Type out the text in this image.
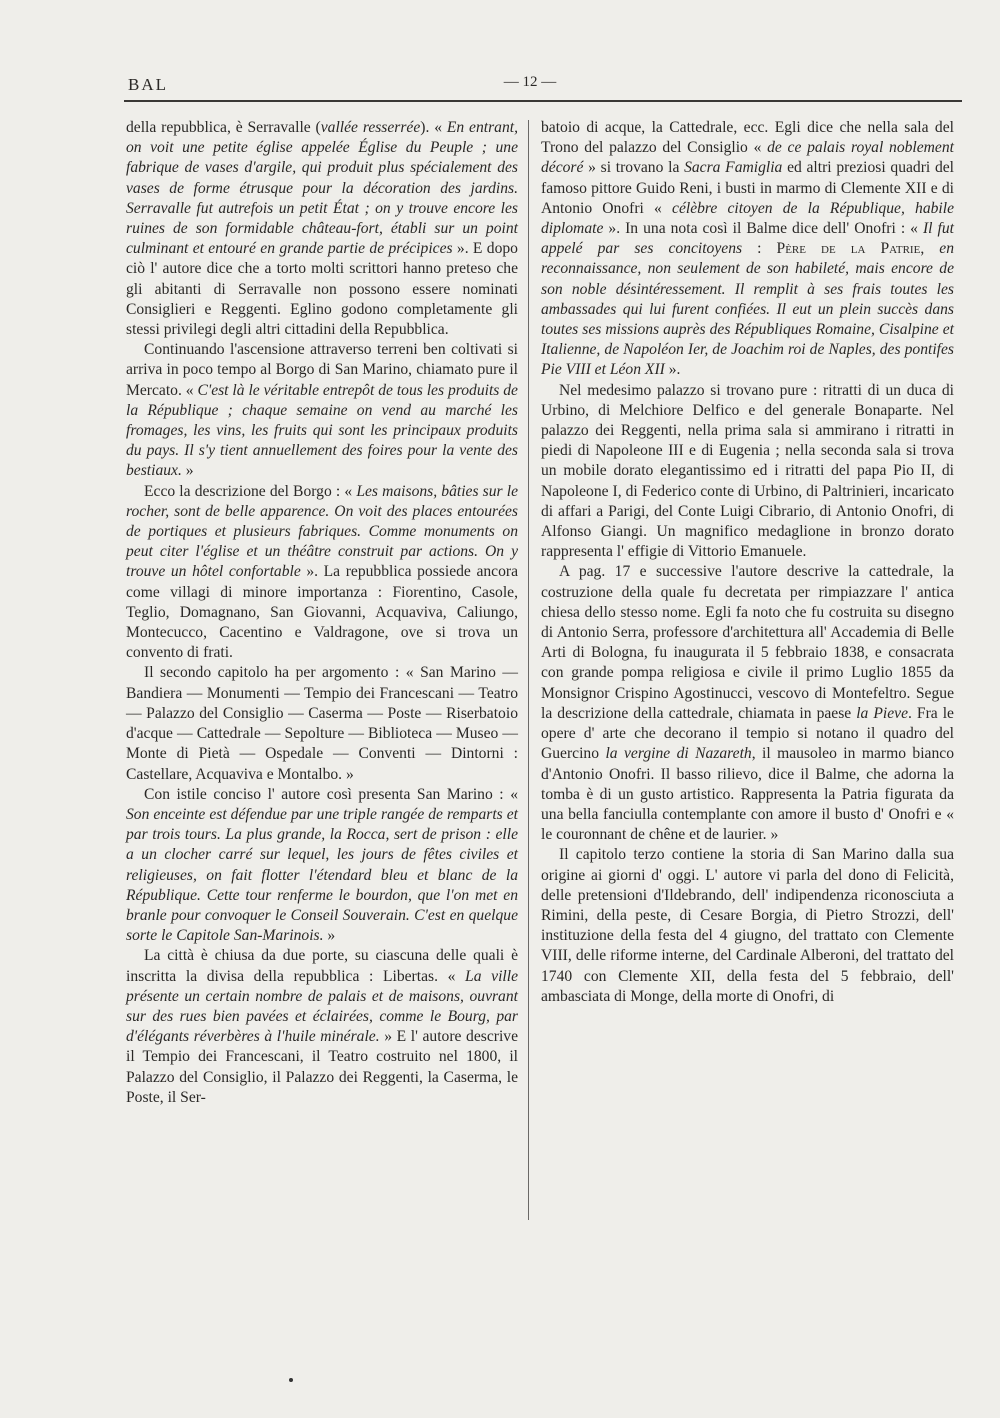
BAL	— 12 —

della repubblica, è Serravalle (vallée resserrée). « En entrant, on voit une petite église appelée Église du Peuple ; une fabrique de vases d'argile, qui produit plus spécialement des vases de forme étrusque pour la décoration des jardins. Serravalle fut autrefois un petit État ; on y trouve encore les ruines de son formidable château-fort, établi sur un point culminant et entouré en grande partie de précipices ». E dopo ciò l' autore dice che a torto molti scrittori hanno preteso che gli abitanti di Serravalle non possono essere nominati Consiglieri e Reggenti. Eglino godono completamente gli stessi privilegi degli altri cittadini della Repubblica.

Continuando l'ascensione attraverso terreni ben coltivati si arriva in poco tempo al Borgo di San Marino, chiamato pure il Mercato. « C'est là le véritable entrepôt de tous les produits de la République ; chaque semaine on vend au marché les fromages, les vins, les fruits qui sont les principaux produits du pays. Il s'y tient annuellement des foires pour la vente des bestiaux. »

Ecco la descrizione del Borgo : « Les maisons, bâties sur le rocher, sont de belle apparence. On voit des places entourées de portiques et plusieurs fabriques. Comme monuments on peut citer l'église et un théâtre construit par actions. On y trouve un hôtel confortable ». La repubblica possiede ancora come villagi di minore importanza : Fiorentino, Casole, Teglio, Domagnano, San Giovanni, Acquaviva, Caliungo, Montecucco, Cacentino e Valdragone, ove si trova un convento di frati.

Il secondo capitolo ha per argomento : « San Marino — Bandiera — Monumenti — Tempio dei Francescani — Teatro — Palazzo del Consiglio — Caserma — Poste — Riserbatoio d'acque — Cattedrale — Sepolture — Biblioteca — Museo — Monte di Pietà — Ospedale — Conventi — Dintorni : Castellare, Acquaviva e Montalbo. »

Con istile conciso l' autore così presenta San Marino : « Son enceinte est défendue par une triple rangée de remparts et par trois tours. La plus grande, la Rocca, sert de prison : elle a un clocher carré sur lequel, les jours de fêtes civiles et religieuses, on fait flotter l'étendard bleu et blanc de la République. Cette tour renferme le bourdon, que l'on met en branle pour convoquer le Conseil Souverain. C'est en quelque sorte le Capitole San-Marinois. »

La città è chiusa da due porte, su ciascuna delle quali è inscritta la divisa della repubblica : Libertas. « La ville présente un certain nombre de palais et de maisons, ouvrant sur des rues bien pavées et éclairées, comme le Bourg, par d'élégants réverbères à l'huile minérale. » E l' autore descrive il Tempio dei Francescani, il Teatro costruito nel 1800, il Palazzo del Consiglio, il Palazzo dei Reggenti, la Caserma, le Poste, il Ser-

batoio di acque, la Cattedrale, ecc. Egli dice che nella sala del Trono del palazzo del Consiglio « de ce palais royal noblement décoré » si trovano la Sacra Famiglia ed altri preziosi quadri del famoso pittore Guido Reni, i busti in marmo di Clemente XII e di Antonio Onofri « célèbre citoyen de la République, habile diplomate ». In una nota così il Balme dice dell' Onofri : « Il fut appelé par ses concitoyens : Père de la Patrie, en reconnaissance, non seulement de son habileté, mais encore de son noble désintéressement. Il remplit à ses frais toutes les ambassades qui lui furent confiées. Il eut un plein succès dans toutes ses missions auprès des Républiques Romaine, Cisalpine et Italienne, de Napoléon Ier, de Joachim roi de Naples, des pontifes Pie VIII et Léon XII ».

Nel medesimo palazzo si trovano pure : ritratti di un duca di Urbino, di Melchiore Delfico e del generale Bonaparte. Nel palazzo dei Reggenti, nella prima sala si ammirano i ritratti in piedi di Napoleone III e di Eugenia ; nella seconda sala si trova un mobile dorato elegantissimo ed i ritratti del papa Pio II, di Napoleone I, di Federico conte di Urbino, di Paltrinieri, incaricato di affari a Parigi, del Conte Luigi Cibrario, di Antonio Onofri, di Alfonso Giangi. Un magnifico medaglione in bronzo dorato rappresenta l' effigie di Vittorio Emanuele.

A pag. 17 e successive l'autore descrive la cattedrale, la costruzione della quale fu decretata per rimpiazzare l' antica chiesa dello stesso nome. Egli fa noto che fu costruita su disegno di Antonio Serra, professore d'architettura all' Accademia di Belle Arti di Bologna, fu inaugurata il 5 febbraio 1838, e consacrata con grande pompa religiosa e civile il primo Luglio 1855 da Monsignor Crispino Agostinucci, vescovo di Montefeltro. Segue la descrizione della cattedrale, chiamata in paese la Pieve. Fra le opere d' arte che decorano il tempio si notano il quadro del Guercino la vergine di Nazareth, il mausoleo in marmo bianco d'Antonio Onofri. Il basso rilievo, dice il Balme, che adorna la tomba è di un gusto artistico. Rappresenta la Patria figurata da una bella fanciulla contemplante con amore il busto d' Onofri e « le couronnant de chêne et de laurier. »

Il capitolo terzo contiene la storia di San Marino dalla sua origine ai giorni d' oggi. L' autore vi parla del dono di Felicità, delle pretensioni d'Ildebrando, dell' indipendenza riconosciuta a Rimini, della peste, di Cesare Borgia, di Pietro Strozzi, dell' instituzione della festa del 4 giugno, del trattato con Clemente VIII, delle riforme interne, del Cardinale Alberoni, del trattato del 1740 con Clemente XII, della festa del 5 febbraio, dell' ambasciata di Monge, della morte di Onofri, di
